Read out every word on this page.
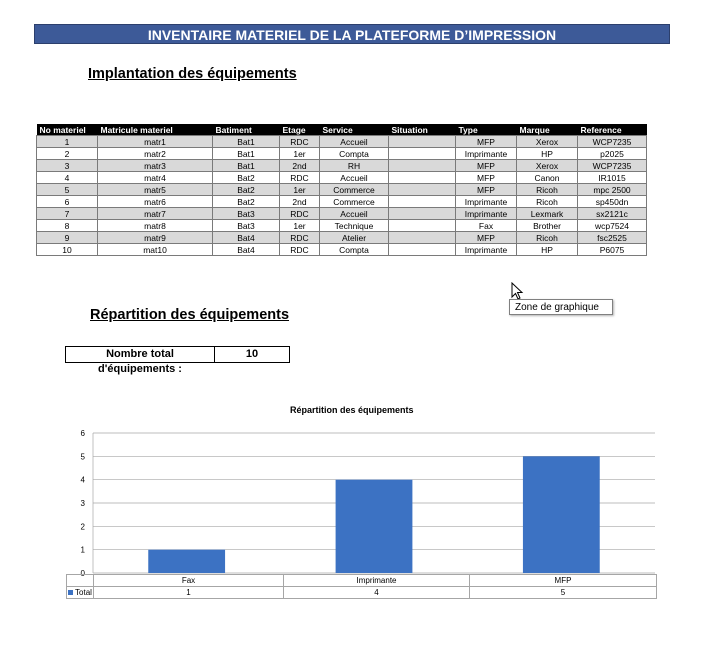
INVENTAIRE MATERIEL DE LA PLATEFORME D’IMPRESSION
Implantation des équipements
No materiel	Matricule materiel	Batiment	Etage	Service	Situation	Type	Marque	Reference
1	matr1	Bat1	RDC	Accueil		MFP	Xerox	WCP7235
2	matr2	Bat1	1er	Compta		Imprimante	HP	p2025
3	matr3	Bat1	2nd	RH		MFP	Xerox	WCP7235
4	matr4	Bat2	RDC	Accueil		MFP	Canon	IR1015
5	matr5	Bat2	1er	Commerce		MFP	Ricoh	mpc 2500
6	matr6	Bat2	2nd	Commerce		Imprimante	Ricoh	sp450dn
7	matr7	Bat3	RDC	Accueil		Imprimante	Lexmark	sx2121c
8	matr8	Bat3	1er	Technique		Fax	Brother	wcp7524
9	matr9	Bat4	RDC	Atelier		MFP	Ricoh	fsc2525
10	mat10	Bat4	RDC	Compta		Imprimante	HP	P6075
Zone de graphique
Répartition des équipements
Nombre total d'équipements :
10
Répartition des équipements
0
1
2
3
4
5
6
	Fax	Imprimante	MFP
Total	1	4	5
